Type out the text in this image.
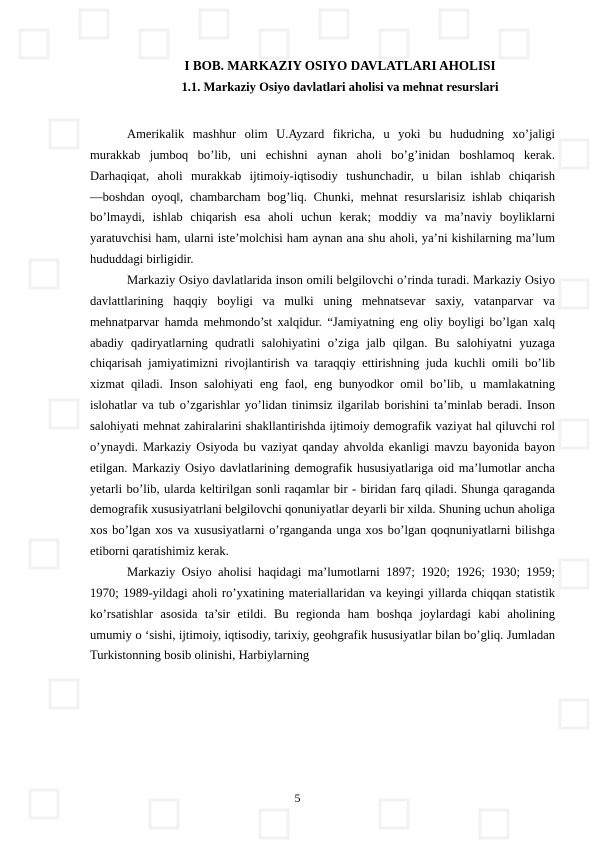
I BOB. MARKAZIY OSIYO DAVLATLARI AHOLISI
1.1. Markaziy Osiyo davlatlari aholisi va mehnat resurslari

Amerikalik mashhur olim U.Ayzard fikricha, u yoki bu hududning xo’jaligi murakkab jumboq bo’lib, uni echishni aynan aholi bo’g’inidan boshlamoq kerak. Darhaqiqat, aholi murakkab ijtimoiy-iqtisodiy tushunchadir, u bilan ishlab chiqarish ―boshdan oyoq‖, chambarcham bog’liq. Chunki, mehnat resurslarisiz ishlab chiqarish bo’lmaydi, ishlab chiqarish esa aholi uchun kerak; moddiy va ma’naviy boyliklarni yaratuvchisi ham, ularni iste’molchisi ham aynan ana shu aholi, ya’ni kishilarning ma’lum hududdagi birligidir.

Markaziy Osiyo davlatlarida inson omili belgilovchi o’rinda turadi. Markaziy Osiyo davlattlarining haqqiy boyligi va mulki uning mehnatsevar saxiy, vatanparvar va mehnatparvar hamda mehmondo’st xalqidur. “Jamiyatning eng oliy boyligi bo’lgan xalq abadiy qadiryatlarning qudratli salohiyatini o’ziga jalb qilgan. Bu salohiyatni yuzaga chiqarisah jamiyatimizni rivojlantirish va taraqqiy ettirishning juda kuchli omili bo’lib xizmat qiladi. Inson salohiyati eng faol, eng bunyodkor omil bo’lib, u mamlakatning islohatlar va tub o’zgarishlar yo’lidan tinimsiz ilgarilab borishini ta’minlab beradi. Inson salohiyati mehnat zahiralarini shakllantirishda ijtimoiy demografik vaziyat hal qiluvchi rol o’ynaydi. Markaziy Osiyoda bu vaziyat qanday ahvolda ekanligi mavzu bayonida bayon etilgan. Markaziy Osiyo davlatlarining demografik hususiyatlariga oid ma’lumotlar ancha yetarli bo’lib, ularda keltirilgan sonli raqamlar bir - biridan farq qiladi. Shunga qaraganda demografik xususiyatrlani belgilovchi qonuniyatlar deyarli bir xilda. Shuning uchun aholiga xos bo’lgan xos va xususiyatlarni o’rganganda unga xos bo’lgan qoqnuniyatlarni bilishga etiborni qaratishimiz kerak.

Markaziy Osiyo aholisi haqidagi ma’lumotlarni 1897; 1920; 1926; 1930; 1959; 1970; 1989-yildagi aholi ro’yxatining materiallaridan va keyingi yillarda chiqqan statistik ko’rsatishlar asosida ta’sir etildi. Bu regionda ham boshqa joylardagi kabi aholining umumiy o ‘sishi, ijtimoiy, iqtisodiy, tarixiy, geohgrafik hususiyatlar bilan bo’gliq. Jumladan Turkistonning bosib olinishi, Harbiylarning

5
